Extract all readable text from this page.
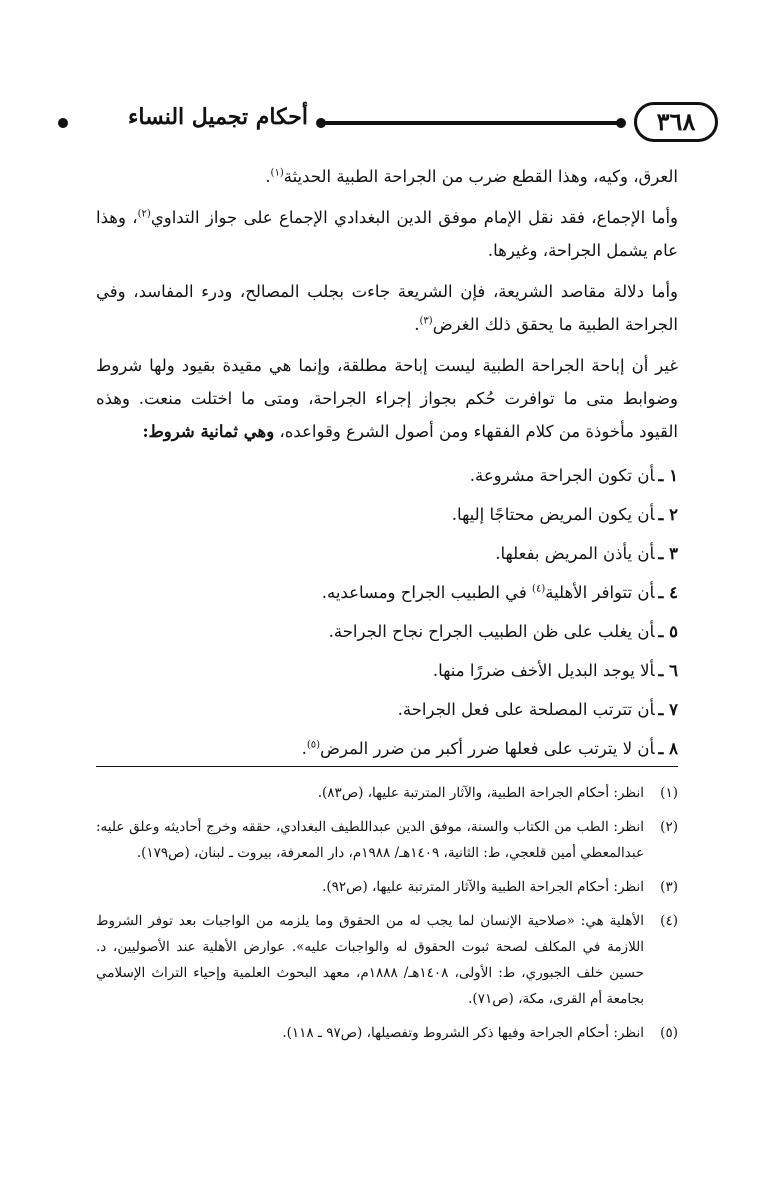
٣٦٨
أحكام تجميل النساء

العرق، وكيه، وهذا القطع ضرب من الجراحة الطبية الحديثة$^{(١)}$.

وأما الإجماع، فقد نقل الإمام موفق الدين البغدادي الإجماع على جواز التداوي$^{(٢)}$، وهذا عام يشمل الجراحة، وغيرها.

وأما دلالة مقاصد الشريعة، فإن الشريعة جاءت بجلب المصالح، ودرء المفاسد، وفي الجراحة الطبية ما يحقق ذلك الغرض$^{(٣)}$.

غير أن إباحة الجراحة الطبية ليست إباحة مطلقة، وإنما هي مقيدة بقيود ولها شروط وضوابط متى ما توافرت حُكم بجواز إجراء الجراحة، ومتى ما اختلت منعت. وهذه القيود مأخوذة من كلام الفقهاء ومن أصول الشرع وقواعده، وهي ثمانية شروط:

١ ـأن تكون الجراحة مشروعة.
٢ ـأن يكون المريض محتاجًا إليها.
٣ ـأن يأذن المريض بفعلها.
٤ ـأن تتوافر الأهلية$^{(٤)}$ في الطبيب الجراح ومساعديه.
٥ ـأن يغلب على ظن الطبيب الجراح نجاح الجراحة.
٦ ـألا يوجد البديل الأخف ضررًا منها.
٧ ـأن تترتب المصلحة على فعل الجراحة.
٨ ـأن لا يترتب على فعلها ضرر أكبر من ضرر المرض$^{(٥)}$.
(١)
انظر: أحكام الجراحة الطبية، والآثار المترتبة عليها، (ص٨٣).
(٢)
انظر: الطب من الكتاب والسنة، موفق الدين عبداللطيف البغدادي، حققه وخرج أحاديثه وعلق عليه: عبدالمعطي أمين قلعجي، ط: الثانية، ١٤٠٩هـ/ ١٩٨٨م، دار المعرفة، بيروت ـ لبنان، (ص١٧٩).
(٣)
انظر: أحكام الجراحة الطبية والآثار المترتبة عليها، (ص٩٢).
(٤)
الأهلية هي: «صلاحية الإنسان لما يجب له من الحقوق وما يلزمه من الواجبات بعد توفر الشروط اللازمة في المكلف لصحة ثبوت الحقوق له والواجبات عليه». عوارض الأهلية عند الأصوليين، د. حسين خلف الجبوري، ط: الأولى، ١٤٠٨هـ/ ١٨٨٨م، معهد البحوث العلمية وإحياء التراث الإسلامي بجامعة أم القرى، مكة، (ص٧١).
(٥)
انظر: أحكام الجراحة وفيها ذكر الشروط وتفصيلها، (ص٩٧ ـ ١١٨).
